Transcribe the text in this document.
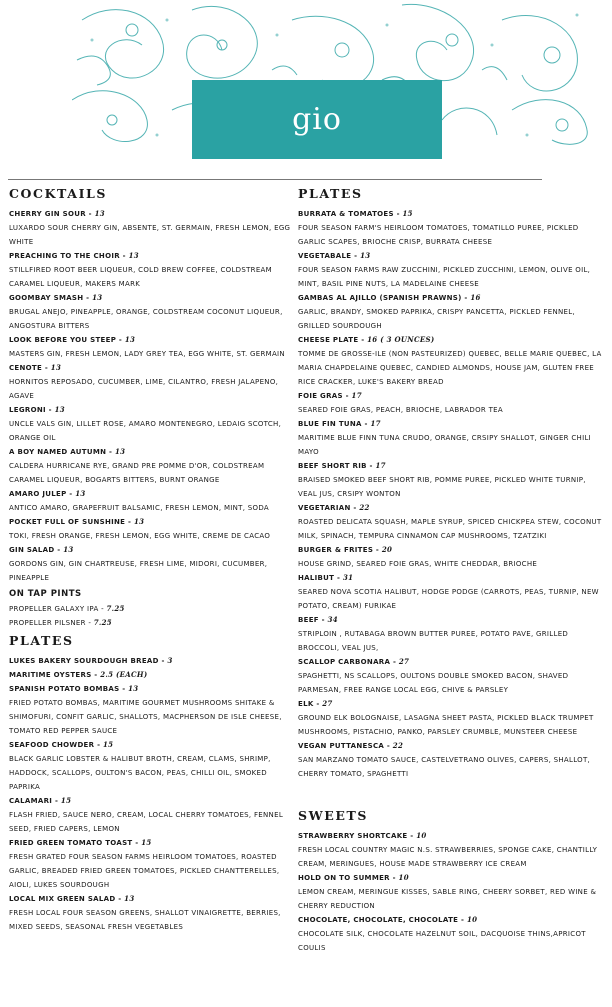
gio
COCKTAILS
CHERRY GIN SOUR - 13
LUXARDO SOUR CHERRY GIN, ABSENTE, ST. GERMAIN, FRESH LEMON, EGG WHITE
PREACHING TO THE CHOIR - 13
STILLFIRED ROOT BEER LIQUEUR, COLD BREW COFFEE, COLDSTREAM CARAMEL LIQUEUR, MAKERS MARK
GOOMBAY SMASH - 13
BRUGAL ANEJO, PINEAPPLE, ORANGE, COLDSTREAM COCONUT LIQUEUR, ANGOSTURA BITTERS
LOOK BEFORE YOU STEEP - 13
MASTERS GIN, FRESH LEMON, LADY GREY TEA, EGG WHITE, ST. GERMAIN
CENOTE - 13
HORNITOS REPOSADO, CUCUMBER, LIME, CILANTRO, FRESH JALAPENO, AGAVE
LEGRONI - 13
UNCLE VALS GIN, LILLET ROSE, AMARO MONTENEGRO, LEDAIG SCOTCH, ORANGE OIL
A BOY NAMED AUTUMN - 13
CALDERA HURRICANE RYE, GRAND PRE POMME D'OR, COLDSTREAM CARAMEL LIQUEUR, BOGARTS BITTERS, BURNT ORANGE
AMARO JULEP - 13
ANTICO AMARO, GRAPEFRUIT BALSAMIC, FRESH LEMON, MINT, SODA
POCKET FULL OF SUNSHINE - 13
TOKI, FRESH ORANGE, FRESH LEMON, EGG WHITE, CREME DE CACAO
GIN SALAD - 13
GORDONS GIN, GIN CHARTREUSE, FRESH LIME, MIDORI, CUCUMBER, PINEAPPLE
ON TAP PINTS
PROPELLER GALAXY IPA - 7.25
PROPELLER PILSNER - 7.25
PLATES
LUKES BAKERY SOURDOUGH BREAD - 3
MARITIME OYSTERS - 2.5 (EACH)
SPANISH POTATO BOMBAS - 13
FRIED POTATO BOMBAS, MARITIME GOURMET MUSHROOMS SHITAKE & SHIMOFURI, CONFIT GARLIC, SHALLOTS, MACPHERSON DE ISLE CHEESE, TOMATO RED PEPPER SAUCE
SEAFOOD CHOWDER - 15
BLACK GARLIC LOBSTER & HALIBUT BROTH, CREAM, CLAMS, SHRIMP, HADDOCK, SCALLOPS, OULTON'S BACON, PEAS, CHILLI OIL, SMOKED PAPRIKA
CALAMARI - 15
FLASH FRIED, SAUCE NERO, CREAM, LOCAL CHERRY TOMATOES, FENNEL SEED, FRIED CAPERS, LEMON
FRIED GREEN TOMATO TOAST - 15
FRESH GRATED FOUR SEASON FARMS HEIRLOOM TOMATOES, ROASTED GARLIC, BREADED FRIED GREEN TOMATOES, PICKLED CHANTTERELLES, AIOLI, LUKES SOURDOUGH
LOCAL MIX GREEN SALAD - 13
FRESH LOCAL FOUR SEASON GREENS, SHALLOT VINAIGRETTE, BERRIES, MIXED SEEDS, SEASONAL FRESH VEGETABLES
PLATES
BURRATA & TOMATOES - 15
FOUR SEASON FARM'S HEIRLOOM TOMATOES, TOMATILLO PUREE, PICKLED GARLIC SCAPES, BRIOCHE CRISP, BURRATA CHEESE
VEGETABALE - 13
FOUR SEASON FARMS RAW ZUCCHINI, PICKLED ZUCCHINI, LEMON, OLIVE OIL, MINT, BASIL PINE NUTS, LA MADELAINE CHEESE
GAMBAS AL AJILLO (SPANISH PRAWNS) - 16
GARLIC, BRANDY, SMOKED PAPRIKA, CRISPY PANCETTA, PICKLED FENNEL, GRILLED SOURDOUGH
CHEESE PLATE - 16 ( 3 OUNCES)
TOMME DE GROSSE-ILE (NON PASTEURIZED) QUEBEC, BELLE MARIE QUEBEC, LA MARIA CHAPDELAINE QUEBEC, CANDIED ALMONDS, HOUSE JAM, GLUTEN FREE RICE CRACKER, LUKE'S BAKERY BREAD
FOIE GRAS - 17
SEARED FOIE GRAS, PEACH, BRIOCHE, LABRADOR TEA
BLUE FIN TUNA - 17
MARITIME BLUE FINN TUNA CRUDO, ORANGE, CRSIPY SHALLOT, GINGER CHILI MAYO
BEEF SHORT RIB - 17
BRAISED SMOKED BEEF SHORT RIB, POMME PUREE, PICKLED WHITE TURNIP, VEAL JUS, CRSIPY WONTON
VEGETARIAN - 22
ROASTED DELICATA SQUASH, MAPLE SYRUP, SPICED CHICKPEA STEW, COCONUT MILK, SPINACH, TEMPURA CINNAMON CAP MUSHROOMS, TZATZIKI
BURGER & FRITES - 20
HOUSE GRIND, SEARED FOIE GRAS, WHITE CHEDDAR, BRIOCHE
HALIBUT - 31
SEARED NOVA SCOTIA HALIBUT, HODGE PODGE (CARROTS, PEAS, TURNIP, NEW POTATO, CREAM) FURIKAE
BEEF - 34
STRIPLOIN , RUTABAGA BROWN BUTTER PUREE, POTATO PAVE, GRILLED BROCCOLI, VEAL JUS,
SCALLOP CARBONARA - 27
SPAGHETTI, NS SCALLOPS, OULTONS DOUBLE SMOKED BACON, SHAVED PARMESAN, FREE RANGE LOCAL EGG, CHIVE & PARSLEY
ELK - 27
GROUND ELK BOLOGNAISE, LASAGNA SHEET PASTA, PICKLED BLACK TRUMPET MUSHROOMS, PISTACHIO, PANKO, PARSLEY CRUMBLE, MUNSTEER CHEESE
VEGAN PUTTANESCA - 22
SAN MARZANO TOMATO SAUCE, CASTELVETRANO OLIVES, CAPERS, SHALLOT, CHERRY TOMATO, SPAGHETTI
SWEETS
STRAWBERRY SHORTCAKE - 10
FRESH LOCAL COUNTRY MAGIC N.S. STRAWBERRIES, SPONGE CAKE, CHANTILLY CREAM, MERINGUES, HOUSE MADE STRAWBERRY ICE CREAM
HOLD ON TO SUMMER - 10
LEMON CREAM, MERINGUE KISSES, SABLE RING, CHEERY SORBET, RED WINE & CHERRY REDUCTION
CHOCOLATE, CHOCOLATE, CHOCOLATE - 10
CHOCOLATE SILK, CHOCOLATE HAZELNUT SOIL, DACQUOISE THINS,APRICOT COULIS
